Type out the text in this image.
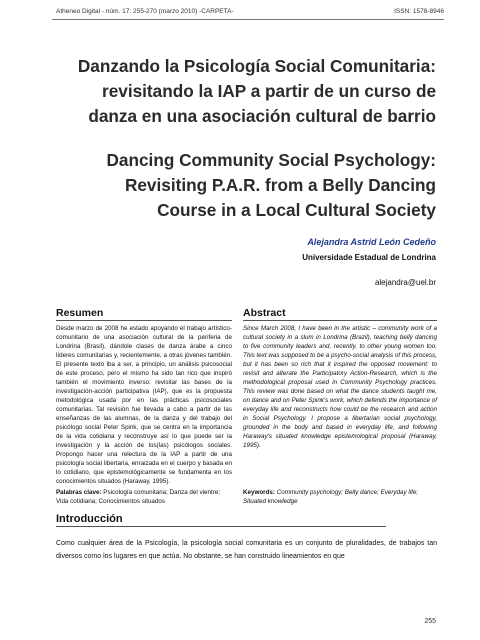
Atheneo Digital - núm. 17: 255-270 (marzo 2010) -CARPETA-	ISSN: 1578-8946
Danzando la Psicología Social Comunitaria:
revisitando la IAP a partir de un curso de
danza en una asociación cultural de barrio
Dancing Community Social Psychology:
Revisiting P.A.R. from a Belly Dancing
Course in a Local Cultural Society
Alejandra Astrid León Cedeño
Universidade Estadual de Londrina
alejandra@uel.br
Resumen	Abstract
Desde marzo de 2008 he estado apoyando el trabajo artístico-comunitario de una asociación cultural de la periferia de Londrina (Brasil), dándole clases de danza árabe a cinco líderes comunitarias y, recientemente, a otras jóvenes también. El presente texto iba a ser, a principio, un análisis psicosocial de este proceso, pero el mismo ha sido tan rico que inspiró también el movimiento inverso: revisitar las bases de la investigación-acción participativa (IAP), que es la propuesta metodológica usada por en las prácticas psicosociales comunitarias. Tal revisión fue llevada a cabo a partir de las enseñanzas de las alumnas, de la danza y del trabajo del psicólogo social Peter Spink, que se centra en la importancia de la vida cotidiana y reconstruye así lo que puede ser la investigación y la acción de los(las) psicólogos sociales. Propongo hacer una relectura de la IAP a partir de una psicología social libertaria, enraizada en el cuerpo y basada en lo cotidiano, que epistemológicamente se fundamenta en los conocimientos situados (Haraway, 1995).
Since March 2008, I have been in the artistic – community work of a cultural society in a slum in Londrina (Brazil), teaching belly dancing to five community leaders and, recently, to other young women too. This text was supposed to be a psycho-social analysis of this process, but it has been so rich that it inspired the opposed movement: to revisit and alterate the Participatory Action-Research, which is the methodological proposal used in Community Psychology practices. This review was done based on what the dance students taught me, on dance and on Peter Spink's work, which defends the importance of everyday life and reconstructs how could be the research and action in Social Psychology. I propose a libertarian social psychology, grounded in the body and based in everyday life, and following Haraway's situated knowledge epistemological proposal (Haraway, 1995).
Palabras clave: Psicología comunitaria; Danza del vientre; Vida cotidiana; Conocimientos situados
Keywords: Community psychology; Belly dance; Everyday life; Situated knowledge
Introducción
Como cualquier área de la Psicología, la psicología social comunitaria es un conjunto de pluralidades, de trabajos tan diversos como los lugares en que actúa. No obstante, se han construido lineamientos en que
255
